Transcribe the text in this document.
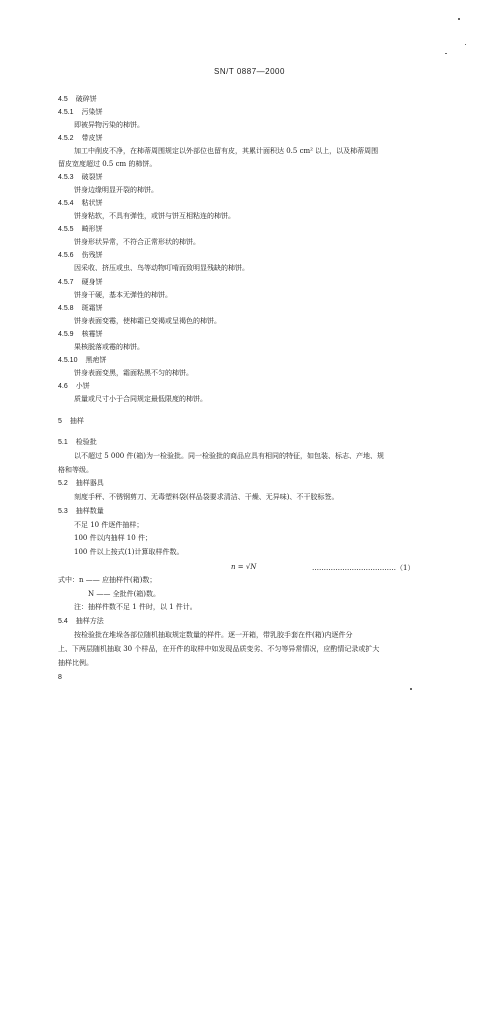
SN/T 0887—2000
4.5 破碎饼
4.5.1 污染饼
即被异物污染的柿饼。
4.5.2 带皮饼
加工中削皮不净，在柿蒂周围规定以外部位也留有皮，其累计面积达 0.5 cm² 以上，以及柿蒂周围
留皮宽度超过 0.5 cm 的柿饼。
4.5.3 破裂饼
饼身边缘明显开裂的柿饼。
4.5.4 粘状饼
饼身粘软，不具有弹性，或饼与饼互相粘连的柿饼。
4.5.5 畸形饼
饼身形状异常，不符合正常形状的柿饼。
4.5.6 伤残饼
因采收、挤压或虫、鸟等动物叮啃而致明显残缺的柿饼。
4.5.7 硬身饼
饼身干硬，基本无弹性的柿饼。
4.5.8 斑霜饼
饼身表面变霉，使柿霜已变褐或呈褐色的柿饼。
4.5.9 核霉饼
果核脱落或霉的柿饼。
4.5.10 黑疤饼
饼身表面变黑，霜面粘黑不匀的柿饼。
4.6 小饼
质量或尺寸小于合同规定最低限度的柿饼。
5 抽样
5.1 检验批
以不超过 5 000 件(箱)为一检验批。同一检验批的商品应具有相同的特征，如包装、标志、产地、规
格和等级。
5.2 抽样器具
刻度手秤、不锈钢剪刀、无毒塑料袋(样品袋要求清洁、干燥、无异味)、不干胶标签。
5.3 抽样数量
不足 10 件逐件抽样；
100 件以内抽样 10 件；
100 件以上按式(1)计算取样件数。
式中：n —— 应抽样件(箱)数；
N —— 全批件(箱)数。
注：抽样件数不足 1 件时，以 1 件计。
5.4 抽样方法
按检验批在堆垛各部位随机抽取规定数量的样件。逐一开箱，带乳胶手套在件(箱)内逐件分
上、下两层随机抽取 30 个样品，在开件的取样中如发现品质变劣、不匀等异常情况，应酌情记录或扩大
抽样比例。
n = √N	………………………………（1）
8
